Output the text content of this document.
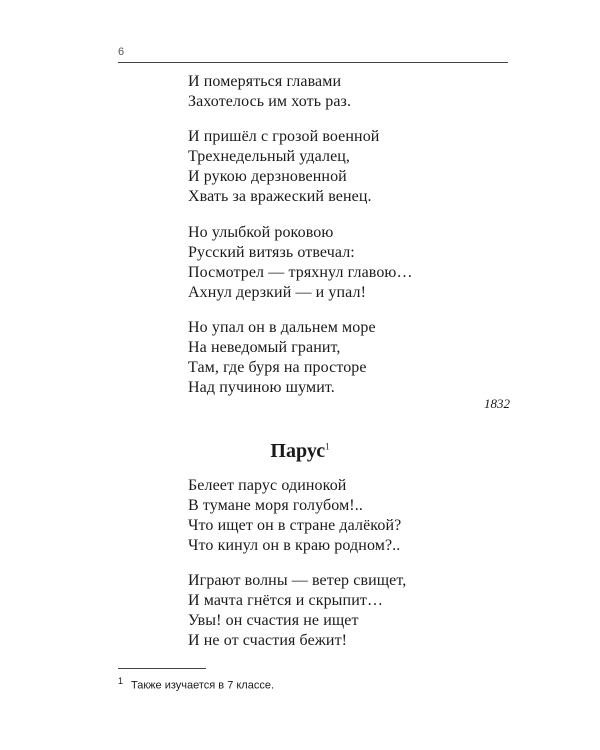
6
И померяться главами
Захотелось им хоть раз.
И пришёл с грозой военной
Трехнедельный удалец,
И рукою дерзновенной
Хвать за вражеский венец.
Но улыбкой роковою
Русский витязь отвечал:
Посмотрел — тряхнул главою…
Ахнул дерзкий — и упал!
Но упал он в дальнем море
На неведомый гранит,
Там, где буря на просторе
Над пучиною шумит.
1832
Парус$^1$
Белеет парус одинокой
В тумане моря голубом!..
Что ищет он в стране далёкой?
Что кинул он в краю родном?..
Играют волны — ветер свищет,
И мачта гнётся и скрыпит…
Увы! он счастия не ищет
И не от счастия бежит!
$^1$ Также изучается в 7 классе.
